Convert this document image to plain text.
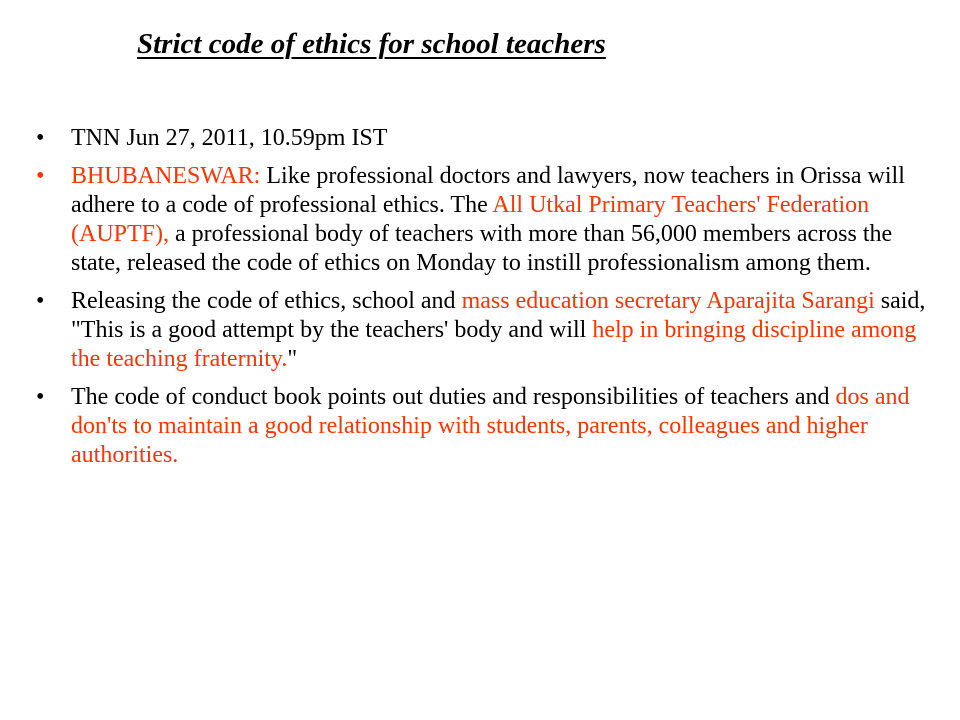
Strict code of ethics for school teachers
• TNN Jun 27, 2011, 10.59pm IST
• BHUBANESWAR: Like professional doctors and lawyers, now teachers in Orissa will adhere to a code of professional ethics. The All Utkal Primary Teachers' Federation (AUPTF), a professional body of teachers with more than 56,000 members across the state, released the code of ethics on Monday to instill professionalism among them.
• Releasing the code of ethics, school and mass education secretary Aparajita Sarangi said, "This is a good attempt by the teachers' body and will help in bringing discipline among the teaching fraternity."
• The code of conduct book points out duties and responsibilities of teachers and dos and don'ts to maintain a good relationship with students, parents, colleagues and higher authorities.
